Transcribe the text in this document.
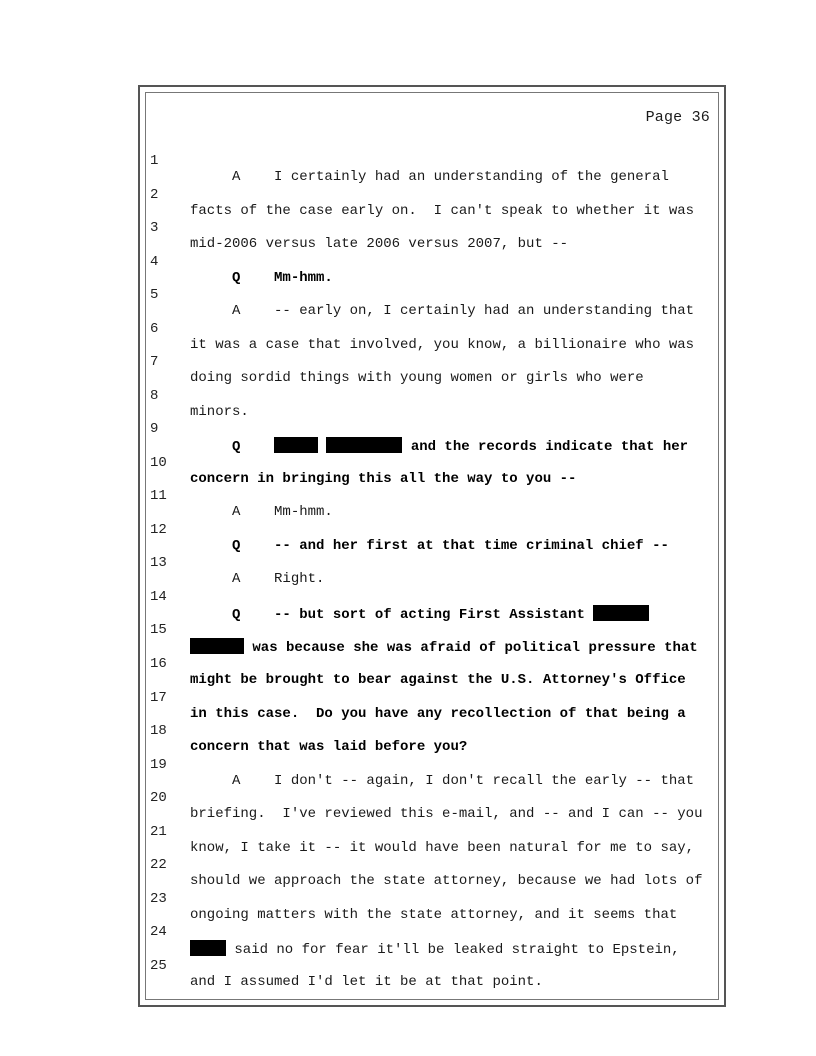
Page 36

1

A    I certainly had an understanding of the general

2

facts of the case early on.  I can't speak to whether it was

3

mid-2006 versus late 2006 versus 2007, but --

4

Q    Mm-hmm.

5

A    -- early on, I certainly had an understanding that

6

it was a case that involved, you know, a billionaire who was

7

doing sordid things with young women or girls who were

8

minors.

9

Q	and the records indicate that her

10

concern in bringing this all the way to you --

11

A    Mm-hmm.

12

Q    -- and her first at that time criminal chief --

13

A    Right.

14

Q    -- but sort of acting First Assistant

15

was because she was afraid of political pressure that

16

might be brought to bear against the U.S. Attorney's Office

17

in this case.  Do you have any recollection of that being a

18

concern that was laid before you?

19

A    I don't -- again, I don't recall the early -- that

20

briefing.  I've reviewed this e-mail, and -- and I can -- you

21

know, I take it -- it would have been natural for me to say,

22

should we approach the state attorney, because we had lots of

23

ongoing matters with the state attorney, and it seems that

24

said no for fear it'll be leaked straight to Epstein,

25

and I assumed I'd let it be at that point.
